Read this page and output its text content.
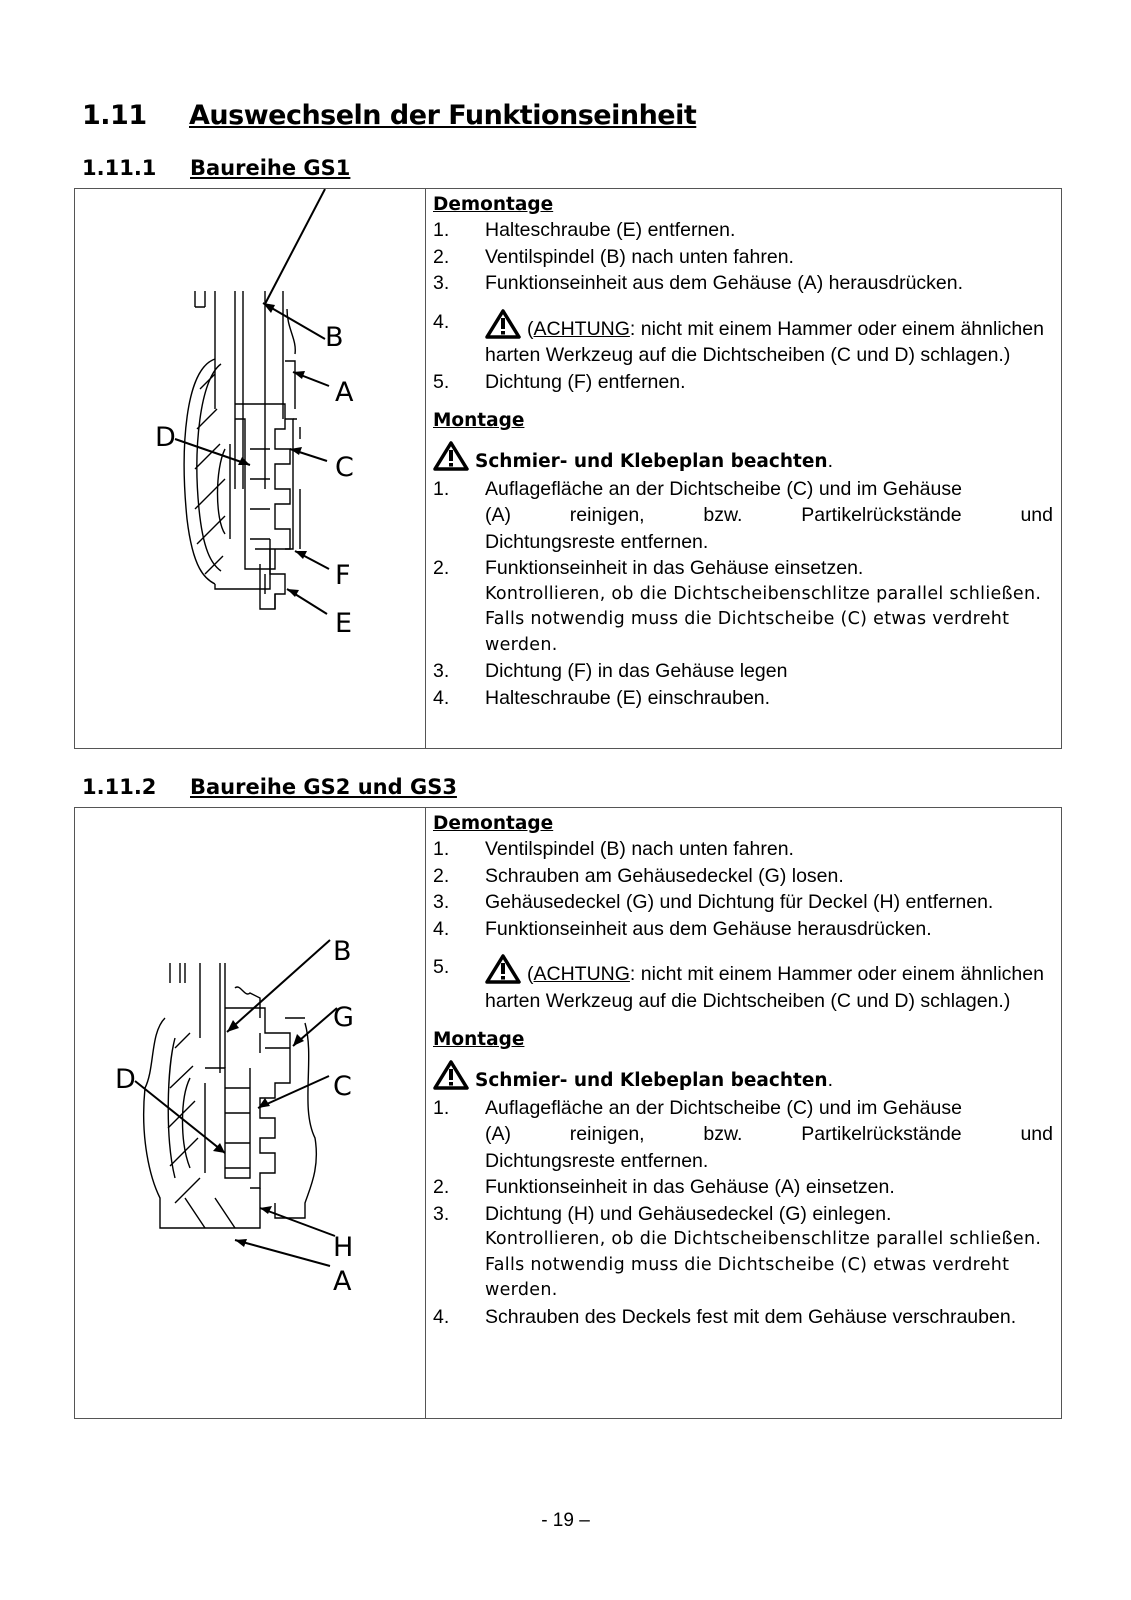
1.11 Auswechseln der Funktionseinheit
1.11.1 Baureihe GS1
B
A
D
C
F
E
Demontage
1.	Halteschraube (E) entfernen.
2.	Ventilspindel (B) nach unten fahren.
3.	Funktionseinheit aus dem Gehäuse (A) herausdrücken.
4.	(ACHTUNG: nicht mit einem Hammer oder einem ähnlichen harten Werkzeug auf die Dichtscheiben (C und D) schlagen.)
5.	Dichtung (F) entfernen.
Montage
Schmier- und Klebeplan beachten.
1.	Auflagefläche an der Dichtscheibe (C) und im Gehäuse
(A) reinigen, bzw. Partikelrückstände und
Dichtungsreste entfernen.
2.	Funktionseinheit in das Gehäuse einsetzen.
Kontrollieren, ob die Dichtscheibenschlitze parallel schließen. Falls notwendig muss die Dichtscheibe (C) etwas verdreht werden.
3.	Dichtung (F) in das Gehäuse legen
4.	Halteschraube (E) einschrauben.
1.11.2 Baureihe GS2 und GS3
B
G
D	C
H
A
Demontage
1.	Ventilspindel (B) nach unten fahren.
2.	Schrauben am Gehäusedeckel (G) losen.
3.	Gehäusedeckel (G) und Dichtung für Deckel (H) entfernen.
4.	Funktionseinheit aus dem Gehäuse herausdrücken.
5.	(ACHTUNG: nicht mit einem Hammer oder einem ähnlichen harten Werkzeug auf die Dichtscheiben (C und D) schlagen.)
Montage
Schmier- und Klebeplan beachten.
1.	Auflagefläche an der Dichtscheibe (C) und im Gehäuse
(A) reinigen, bzw. Partikelrückstände und
Dichtungsreste entfernen.
2.	Funktionseinheit in das Gehäuse (A) einsetzen.
3.	Dichtung (H) und Gehäusedeckel (G) einlegen.
Kontrollieren, ob die Dichtscheibenschlitze parallel schließen. Falls notwendig muss die Dichtscheibe (C) etwas verdreht werden.
4.	Schrauben des Deckels fest mit dem Gehäuse verschrauben.
- 19 –
